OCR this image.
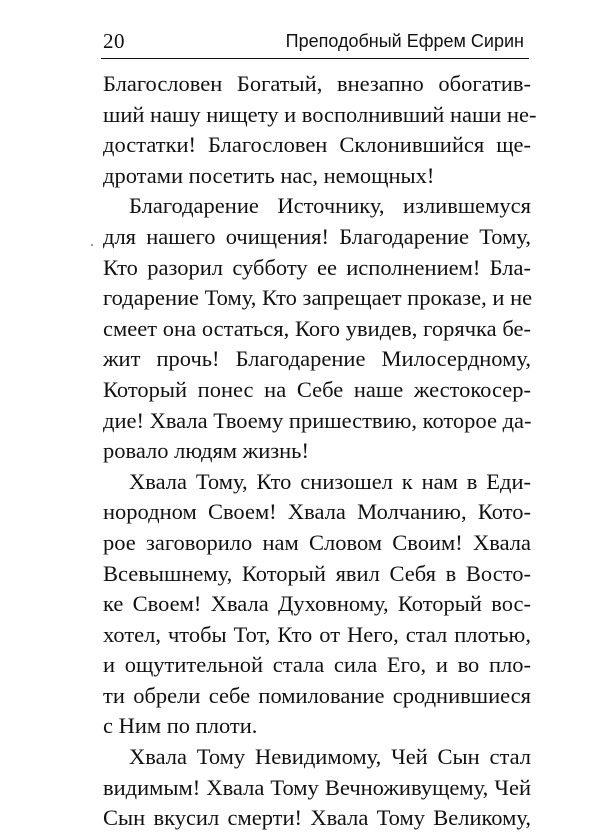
20	Преподобный Ефрем Сирин

Благословен Богатый, внезапно обогатив-
ший нашу нищету и восполнивший наши не-
достатки! Благословен Склонившийся ще-
дротами посетить нас, немощных!

Благодарение Источнику, излившемуся
для нашего очищения! Благодарение Тому,
Кто разорил субботу ее исполнением! Бла-
годарение Тому, Кто запрещает проказе, и не
смеет она остаться, Кого увидев, горячка бе-
жит прочь! Благодарение Милосердному,
Который понес на Себе наше жестокосер-
дие! Хвала Твоему пришествию, которое да-
ровало людям жизнь!

Хвала Тому, Кто снизошел к нам в Еди-
нородном Своем! Хвала Молчанию, Кото-
рое заговорило нам Словом Своим! Хвала
Всевышнему, Который явил Себя в Восто-
ке Своем! Хвала Духовному, Который вос-
хотел, чтобы Тот, Кто от Него, стал плотью,
и ощутительной стала сила Его, и во пло-
ти обрели себе помилование сроднившиеся
с Ним по плоти.

Хвала Тому Невидимому, Чей Сын стал
видимым! Хвала Тому Вечноживущему, Чей
Сын вкусил смерти! Хвала Тому Великому,
